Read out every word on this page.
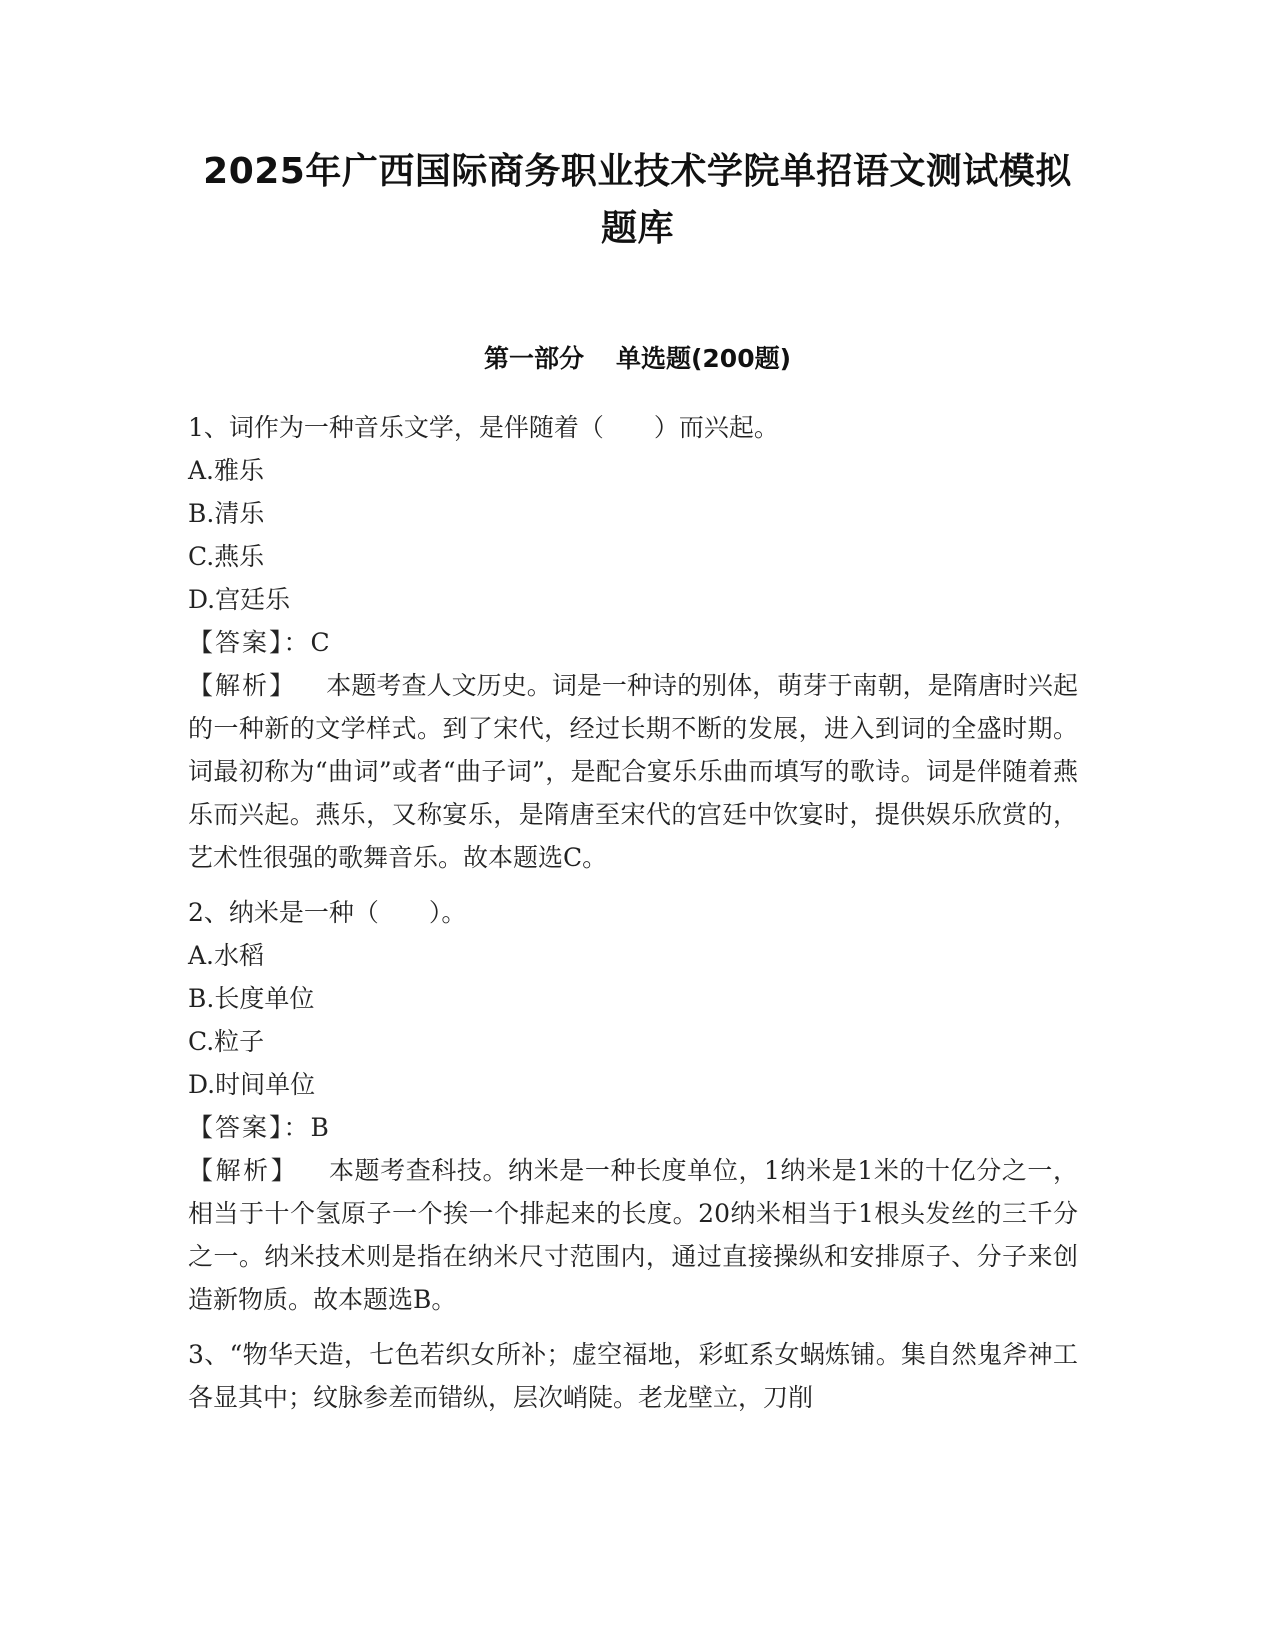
2025年广西国际商务职业技术学院单招语文测试模拟
题库
第一部分 单选题(200题)
1、词作为一种音乐文学，是伴随着（　　）而兴起。
A.雅乐
B.清乐
C.燕乐
D.宫廷乐
【答案】：C
【解析】 本题考查人文历史。词是一种诗的别体，萌芽于南朝，是隋唐时兴起的一种新的文学样式。到了宋代，经过长期不断的发展，进入到词的全盛时期。词最初称为“曲词”或者“曲子词”，是配合宴乐乐曲而填写的歌诗。词是伴随着燕乐而兴起。燕乐，又称宴乐，是隋唐至宋代的宫廷中饮宴时，提供娱乐欣赏的，艺术性很强的歌舞音乐。故本题选C。
2、纳米是一种（　　）。
A.水稻
B.长度单位
C.粒子
D.时间单位
【答案】：B
【解析】 本题考查科技。纳米是一种长度单位，1纳米是1米的十亿分之一，相当于十个氢原子一个挨一个排起来的长度。20纳米相当于1根头发丝的三千分之一。纳米技术则是指在纳米尺寸范围内，通过直接操纵和安排原子、分子来创造新物质。故本题选B。
3、“物华天造，七色若织女所补；虚空福地，彩虹系女蜗炼铺。集自然鬼斧神工各显其中；纹脉参差而错纵，层次峭陡。老龙壁立，刀削
